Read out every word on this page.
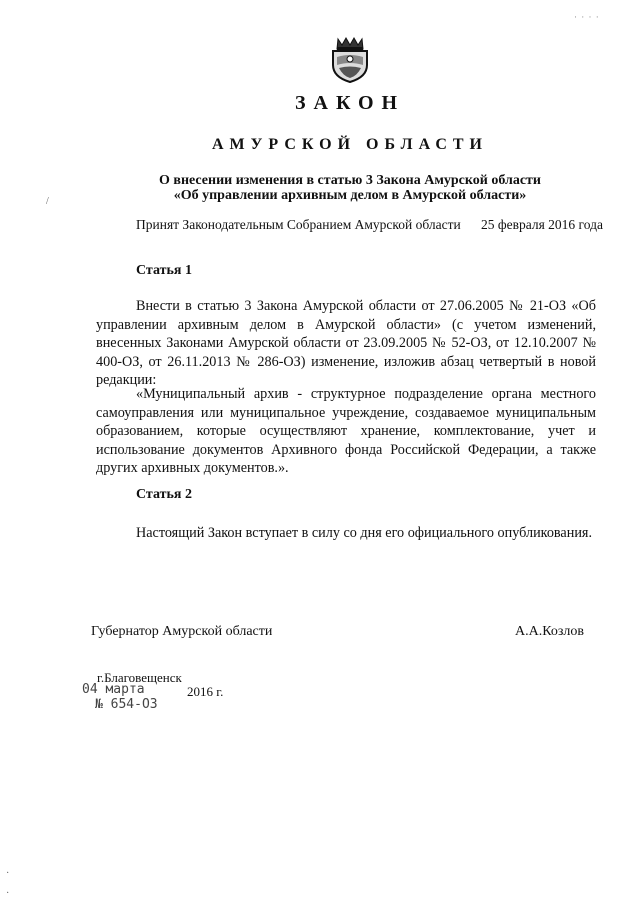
· · · ·
ЗАКОН
АМУРСКОЙ ОБЛАСТИ
О внесении изменения в статью 3 Закона Амурской области
«Об управлении архивным делом в Амурской области»
Принят Законодательным Собранием Амурской области 25 февраля 2016 года
Статья 1

Внести в статью 3 Закона Амурской области от 27.06.2005 № 21-ОЗ «Об управлении архивным делом в Амурской области» (с учетом изменений, внесенных Законами Амурской области от 23.09.2005 № 52-ОЗ, от 12.10.2007 № 400-ОЗ, от 26.11.2013 № 286-ОЗ) изменение, изложив абзац четвертый в новой редакции:

«Муниципальный архив - структурное подразделение органа местного самоуправления или муниципальное учреждение, создаваемое муниципальным образованием, которые осуществляют хранение, комплектование, учет и использование документов Архивного фонда Российской Федерации, а также других архивных документов.».

Статья 2

Настоящий Закон вступает в силу со дня его официального опубликования.

Губернатор Амурской области	А.А.Козлов
г.Благовещенск
04 марта	2016 г.
№ 654-ОЗ
/
·
·
